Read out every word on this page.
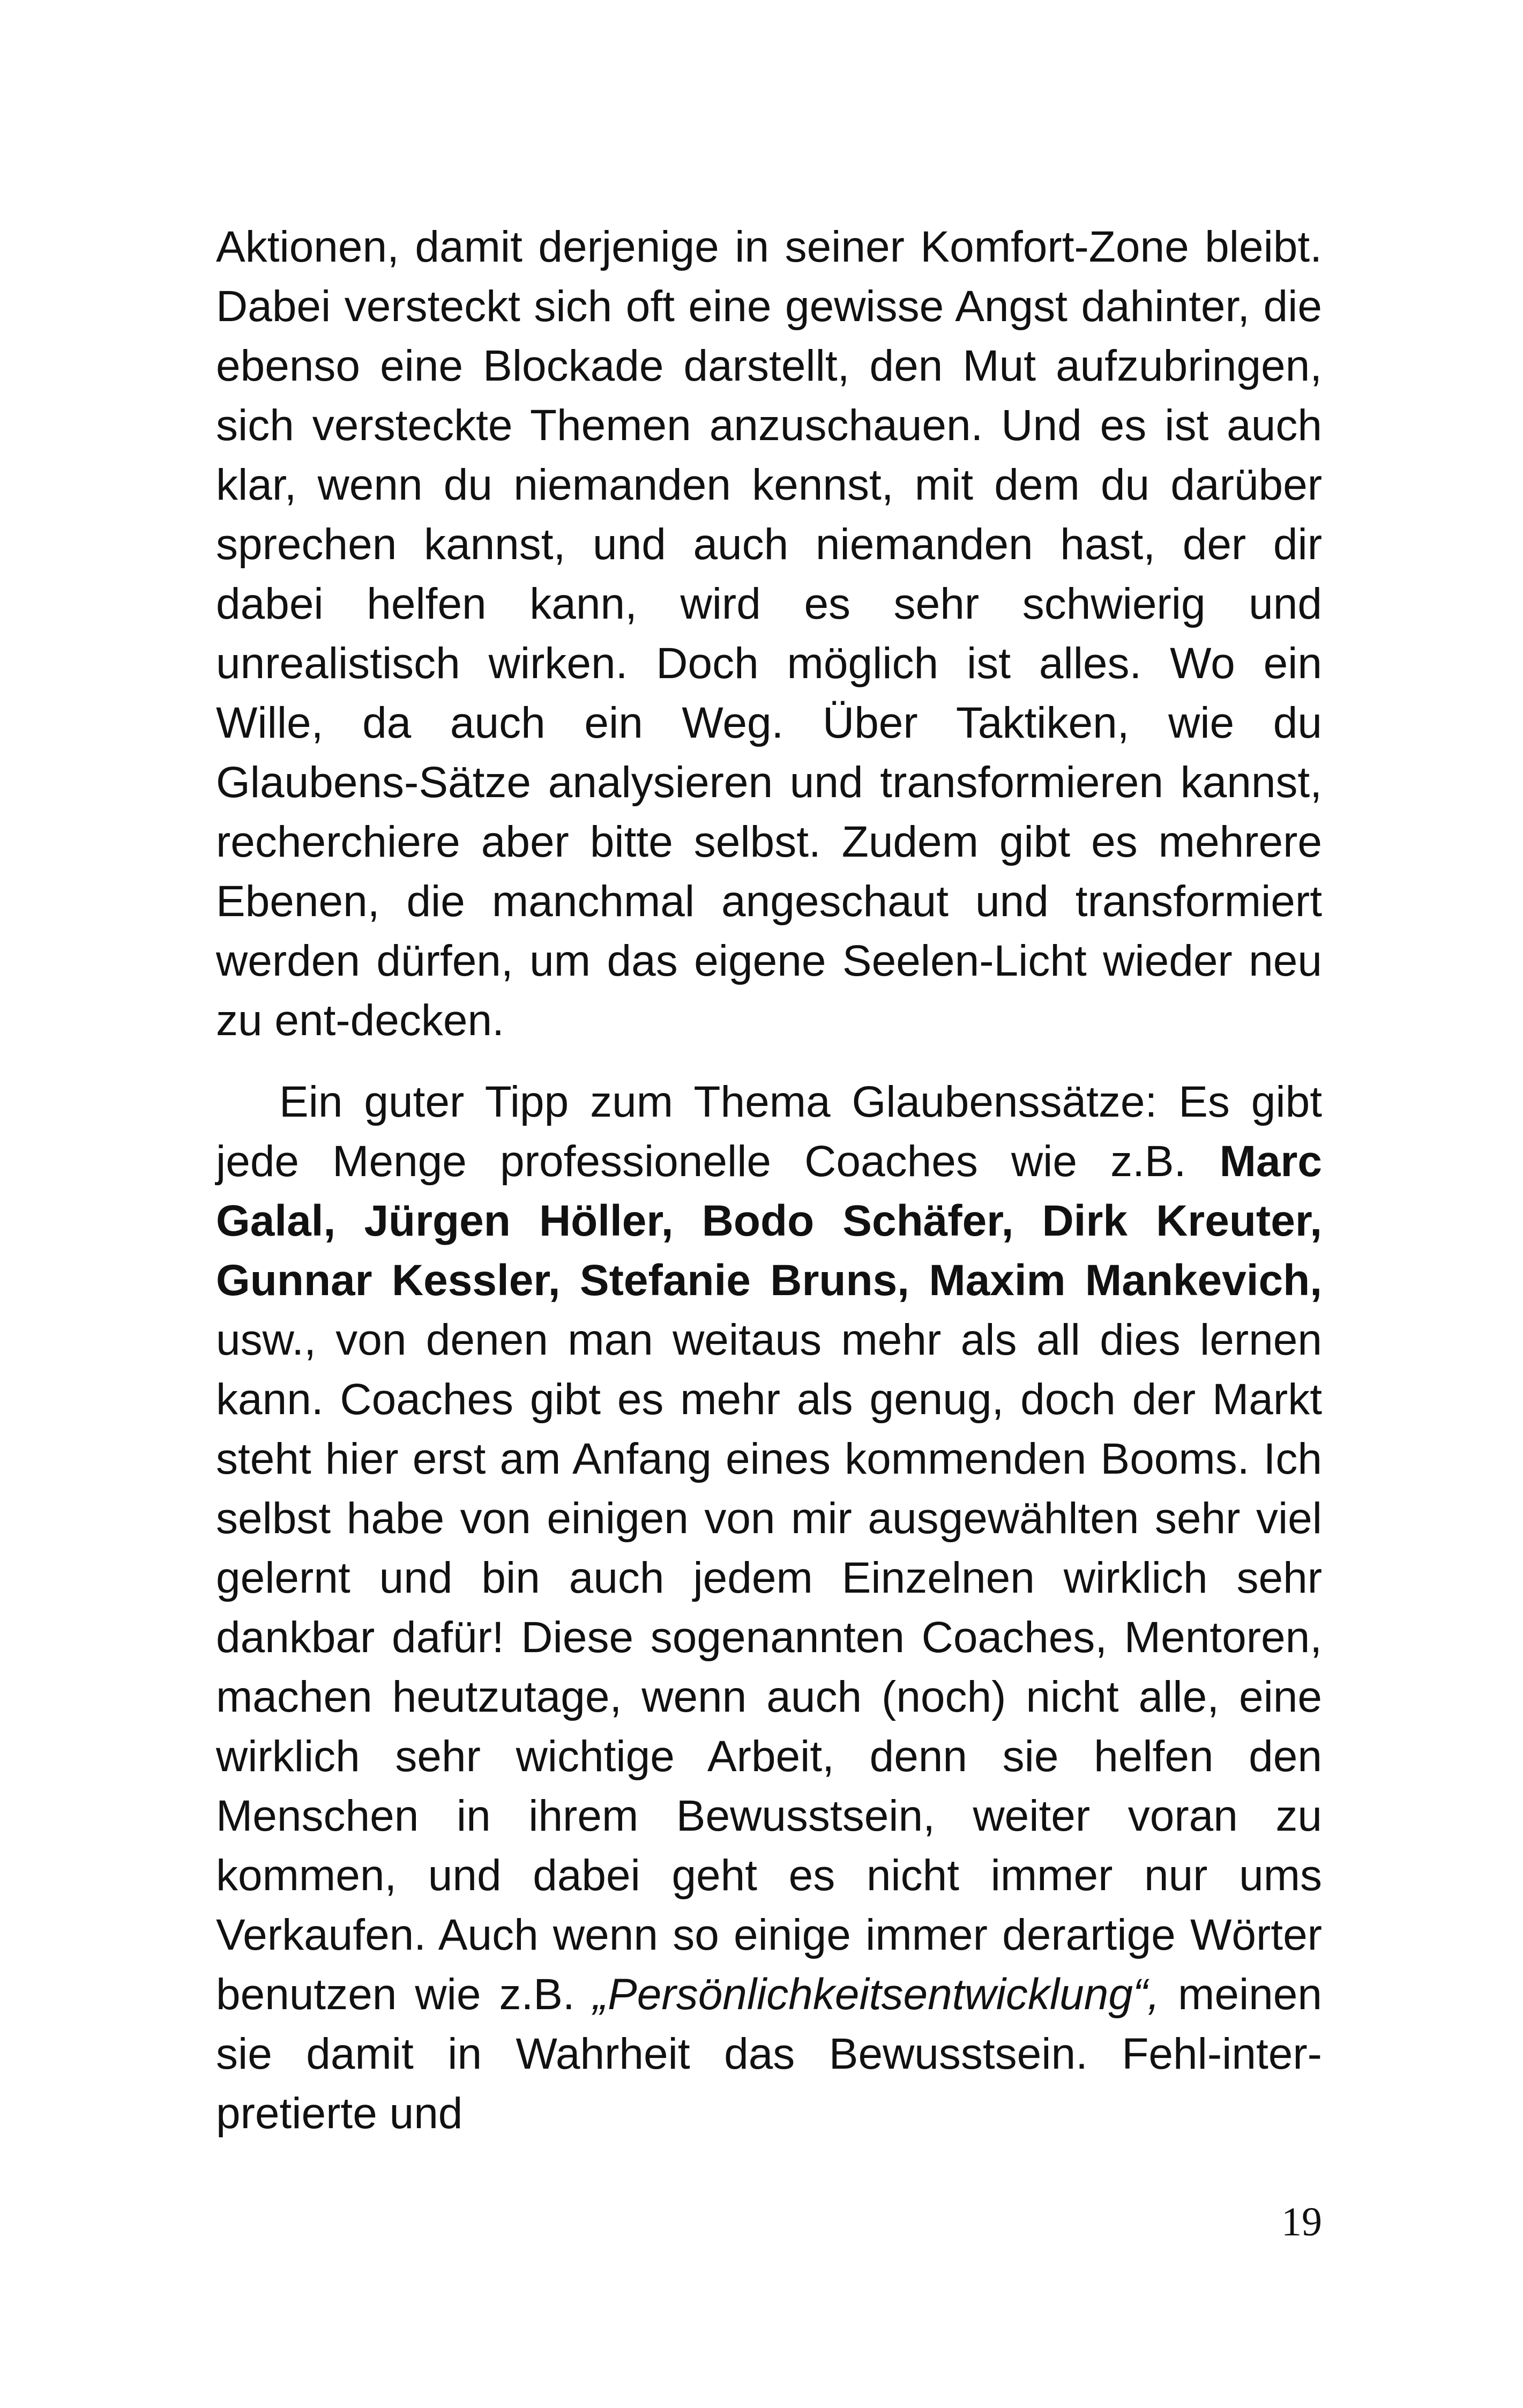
Aktionen, damit derjenige in seiner Komfort-Zone bleibt. Dabei versteckt sich oft eine gewisse Angst dahinter, die ebenso eine Blockade darstellt, den Mut aufzubringen, sich versteckte Themen anzuschauen. Und es ist auch klar, wenn du niemanden kennst, mit dem du darüber sprechen kannst, und auch niemanden hast, der dir dabei helfen kann, wird es sehr schwierig und unrealistisch wirken. Doch möglich ist alles. Wo ein Wille, da auch ein Weg. Über Taktiken, wie du Glaubens-Sätze analysieren und transformieren kannst, recherchiere aber bitte selbst. Zudem gibt es mehrere Ebenen, die manchmal angeschaut und transformiert werden dürfen, um das eigene Seelen-Licht wieder neu zu ent-decken.

Ein guter Tipp zum Thema Glaubenssätze: Es gibt jede Menge professionelle Coaches wie z.B. Marc Galal, Jürgen Höller, Bodo Schäfer, Dirk Kreuter, Gunnar Kessler, Stefanie Bruns, Maxim Mankevich, usw., von denen man weitaus mehr als all dies lernen kann. Coaches gibt es mehr als genug, doch der Markt steht hier erst am Anfang eines kommenden Booms. Ich selbst habe von einigen von mir ausgewählten sehr viel gelernt und bin auch jedem Einzelnen wirklich sehr dankbar dafür! Diese sogenannten Coaches, Mentoren, machen heutzutage, wenn auch (noch) nicht alle, eine wirklich sehr wichtige Arbeit, denn sie helfen den Menschen in ihrem Bewusstsein, weiter voran zu kommen, und dabei geht es nicht immer nur ums Verkaufen. Auch wenn so einige immer derartige Wörter benutzen wie z.B. „Persönlichkeitsentwicklung“, meinen sie damit in Wahrheit das Bewusstsein. Fehl-inter-pretierte und

19
